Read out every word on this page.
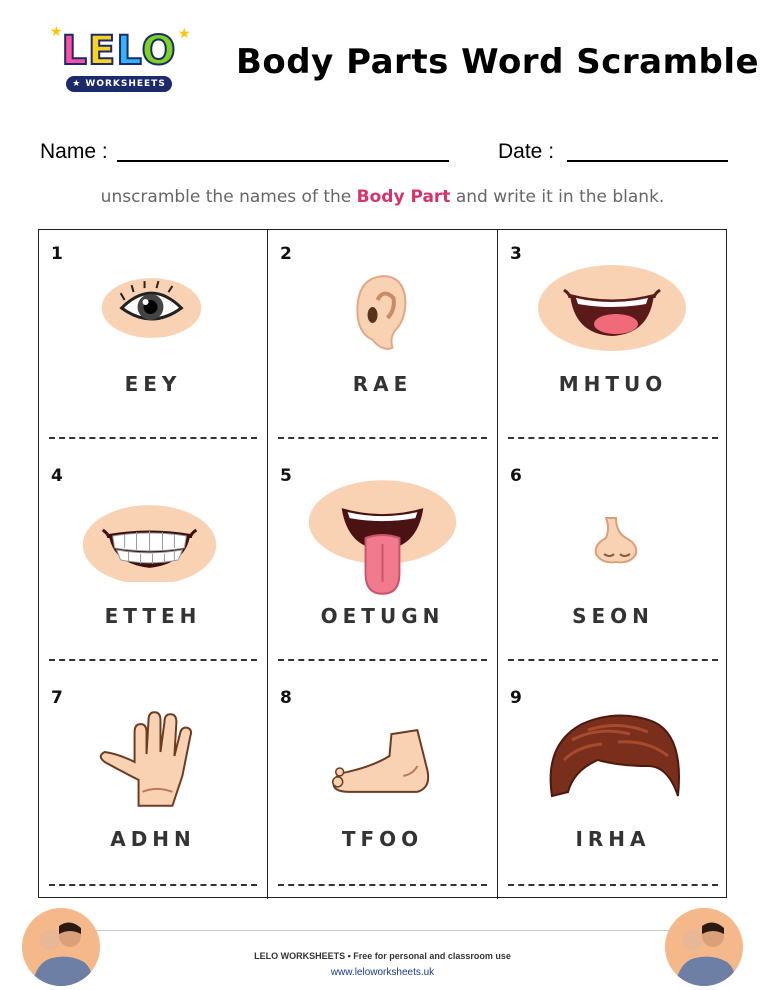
★	★
LELO
★ WORKSHEETS ★
Body Parts Word Scramble
Name :	Date :

unscramble the names of the Body Part and write it in the blank.

1
EEY
2
RAE
3
MHTUO
4
ETTEH
5
OETUGN
6
SEON
7
ADHN
8
TFOO
9
IRHA
LELO WORKSHEETS • Free for personal and classroom use
www.leloworksheets.uk
